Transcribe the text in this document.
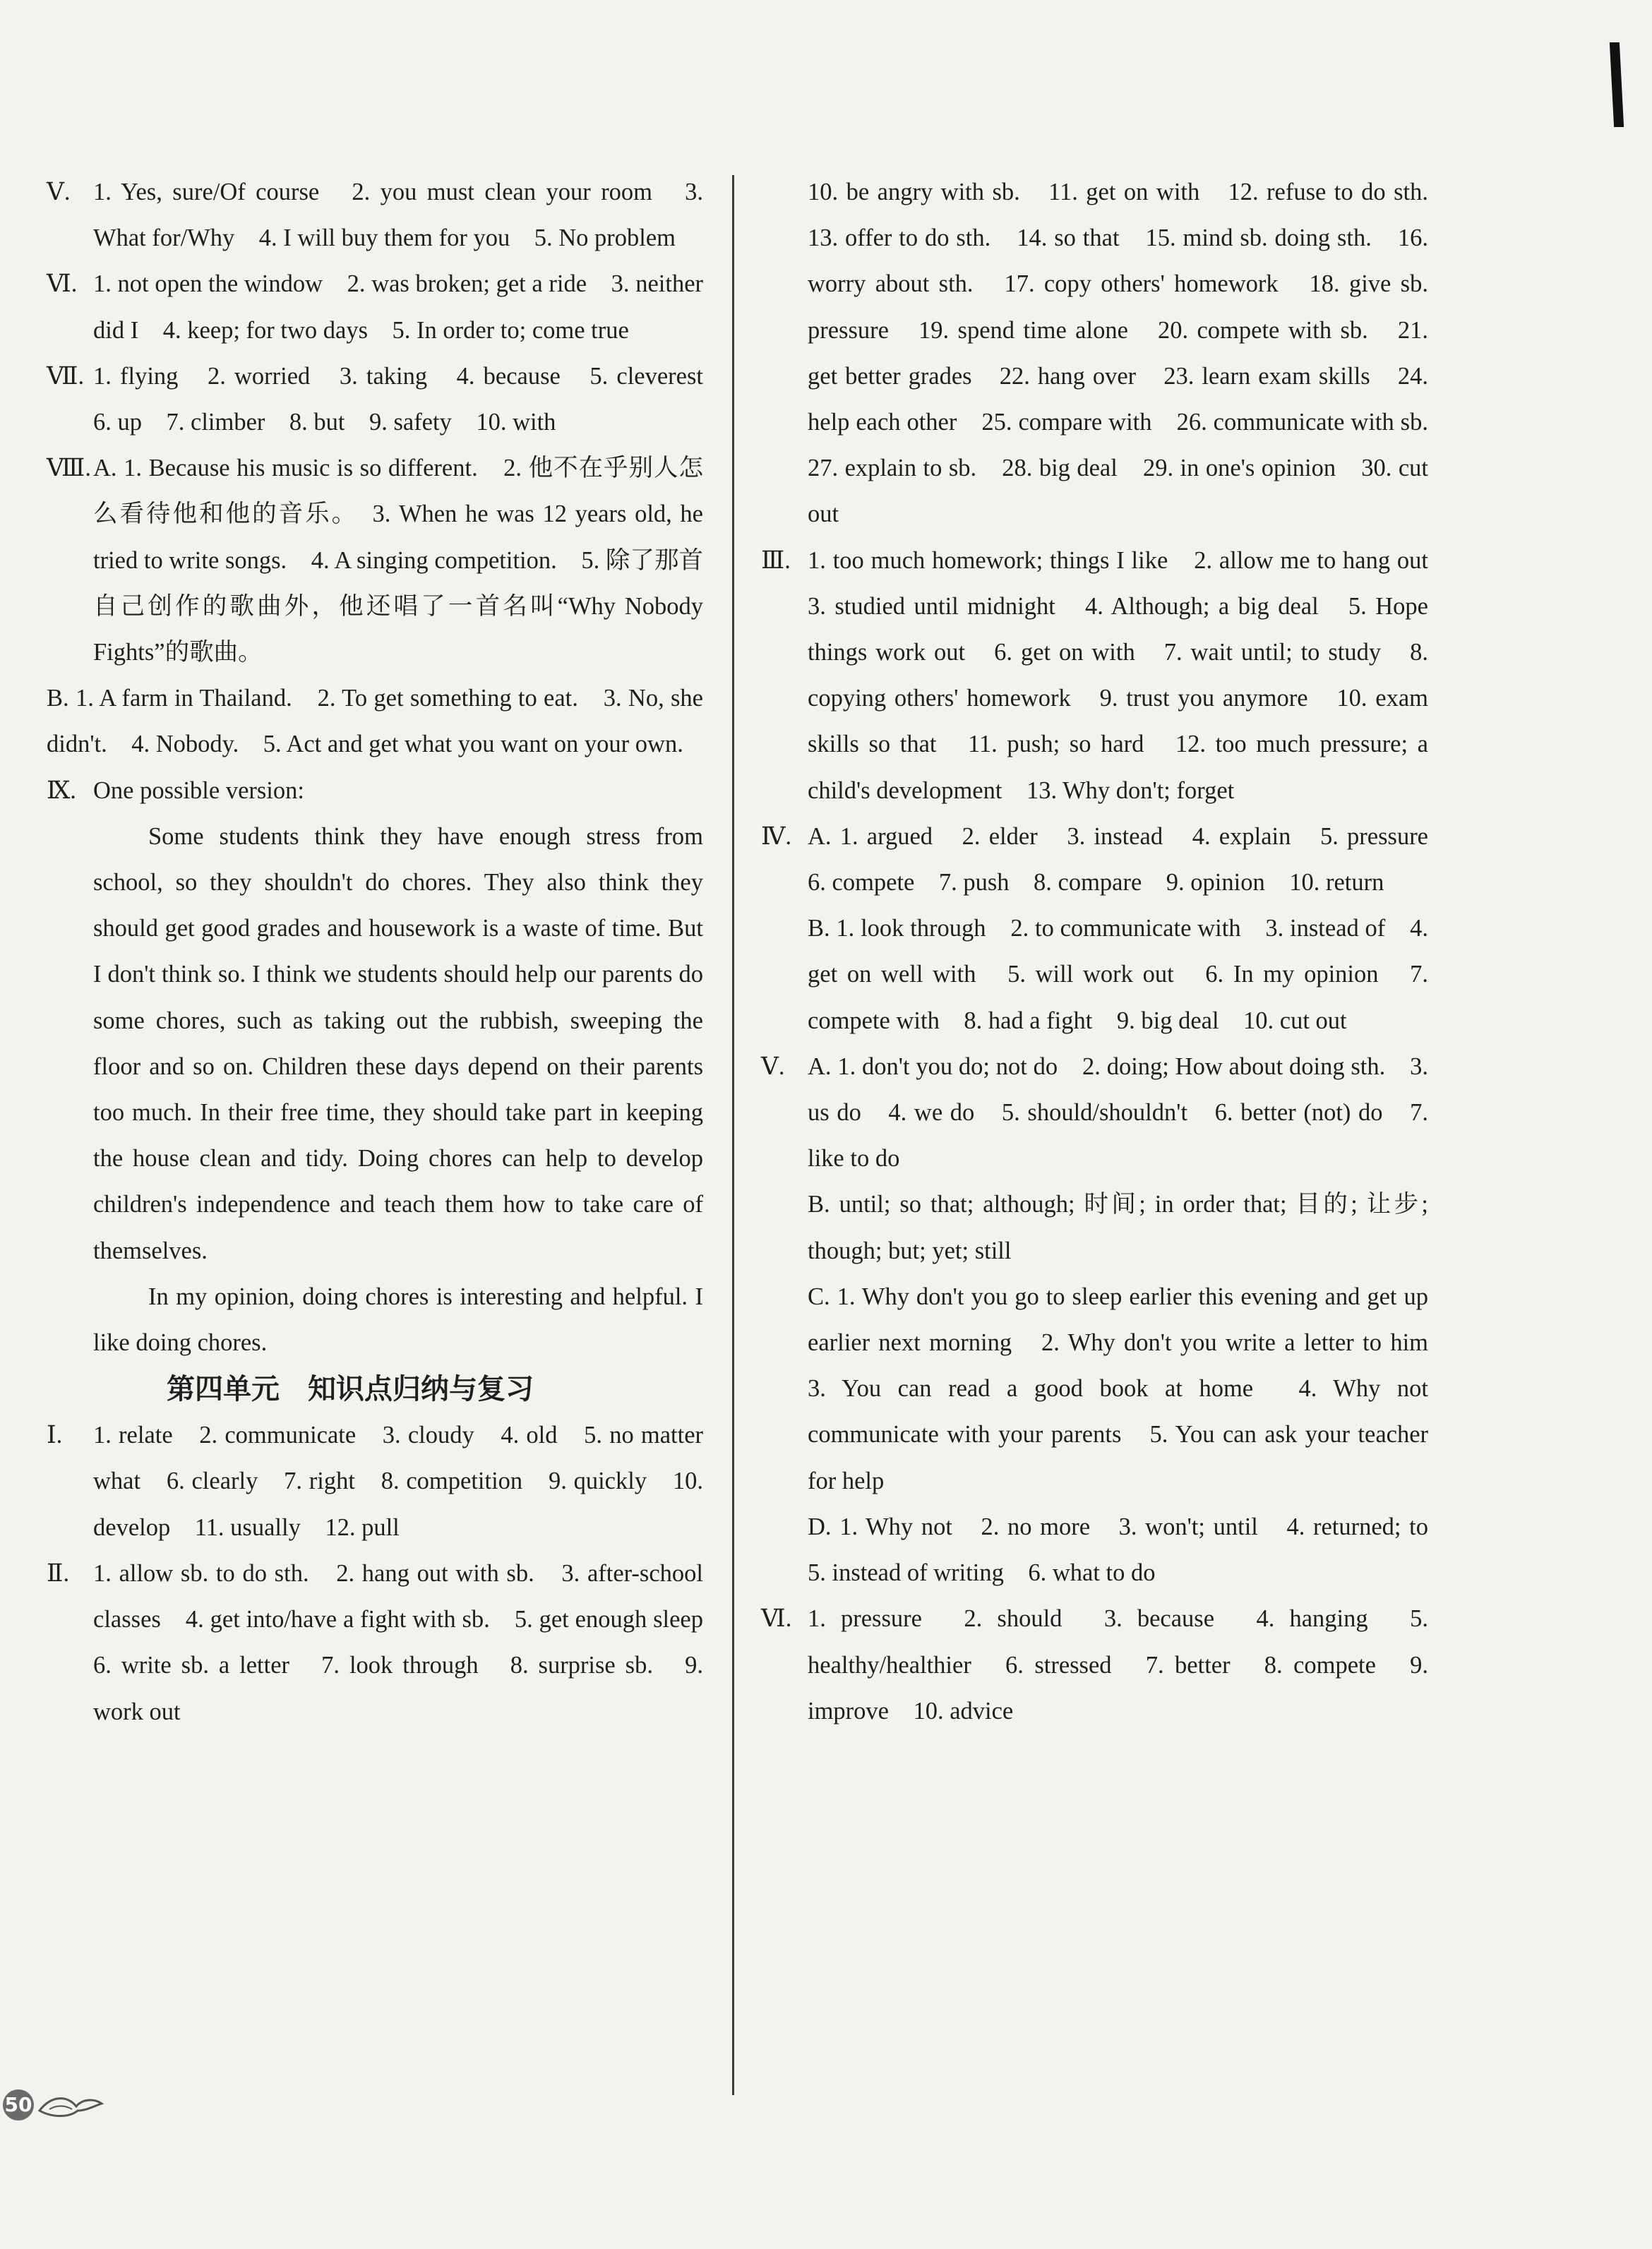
Ⅴ. 1. Yes, sure/Of course　2. you must clean your room　3. What for/Why　4. I will buy them for you　5. No problem

Ⅵ. 1. not open the window　2. was broken; get a ride　3. neither did I　4. keep; for two days　5. In order to; come true

Ⅶ. 1. flying　2. worried　3. taking　4. because　5. cleverest　6. up　7. climber　8. but　9. safety　10. with

Ⅷ. A. 1. Because his music is so different.　2. 他不在乎别人怎么看待他和他的音乐。　3. When he was 12 years old, he tried to write songs.　4. A singing competition.　5. 除了那首自己创作的歌曲外，他还唱了一首名叫“Why Nobody Fights”的歌曲。

B. 1. A farm in Thailand.　2. To get something to eat.　3. No, she didn't.　4. Nobody.　5. Act and get what you want on your own.

Ⅸ. One possible version:

Some students think they have enough stress from school, so they shouldn't do chores. They also think they should get good grades and housework is a waste of time. But I don't think so. I think we students should help our parents do some chores, such as taking out the rubbish, sweeping the floor and so on. Children these days depend on their parents too much. In their free time, they should take part in keeping the house clean and tidy. Doing chores can help to develop children's independence and teach them how to take care of themselves.

In my opinion, doing chores is interesting and helpful. I like doing chores.

第四单元　知识点归纳与复习

Ⅰ. 1. relate　2. communicate　3. cloudy　4. old　5. no matter what　6. clearly　7. right　8. competition　9. quickly　10. develop　11. usually　12. pull

Ⅱ. 1. allow sb. to do sth.　2. hang out with sb.　3. after-school classes　4. get into/have a fight with sb.　5. get enough sleep　6. write sb. a letter　7. look through　8. surprise sb.　9. work out

10. be angry with sb.　11. get on with　12. refuse to do sth.　13. offer to do sth.　14. so that　15. mind sb. doing sth.　16. worry about sth.　17. copy others' homework　18. give sb. pressure　19. spend time alone　20. compete with sb.　21. get better grades　22. hang over　23. learn exam skills　24. help each other　25. compare with　26. communicate with sb.　27. explain to sb.　28. big deal　29. in one's opinion　30. cut out

Ⅲ. 1. too much homework; things I like　2. allow me to hang out　3. studied until midnight　4. Although; a big deal　5. Hope things work out　6. get on with　7. wait until; to study　8. copying others' homework　9. trust you anymore　10. exam skills so that　11. push; so hard　12. too much pressure; a child's development　13. Why don't; forget

Ⅳ. A. 1. argued　2. elder　3. instead　4. explain　5. pressure　6. compete　7. push　8. compare　9. opinion　10. return

B. 1. look through　2. to communicate with　3. instead of　4. get on well with　5. will work out　6. In my opinion　7. compete with　8. had a fight　9. big deal　10. cut out

Ⅴ. A. 1. don't you do; not do　2. doing; How about doing sth.　3. us do　4. we do　5. should/shouldn't　6. better (not) do　7. like to do

B. until; so that; although; 时间; in order that; 目的; 让步; though; but; yet; still

C. 1. Why don't you go to sleep earlier this evening and get up earlier next morning　2. Why don't you write a letter to him　3. You can read a good book at home　4. Why not communicate with your parents　5. You can ask your teacher for help

D. 1. Why not　2. no more　3. won't; until　4. returned; to　5. instead of writing　6. what to do

Ⅵ. 1. pressure　2. should　3. because　4. hanging　5. healthy/healthier　6. stressed　7. better　8. compete　9. improve　10. advice

50
